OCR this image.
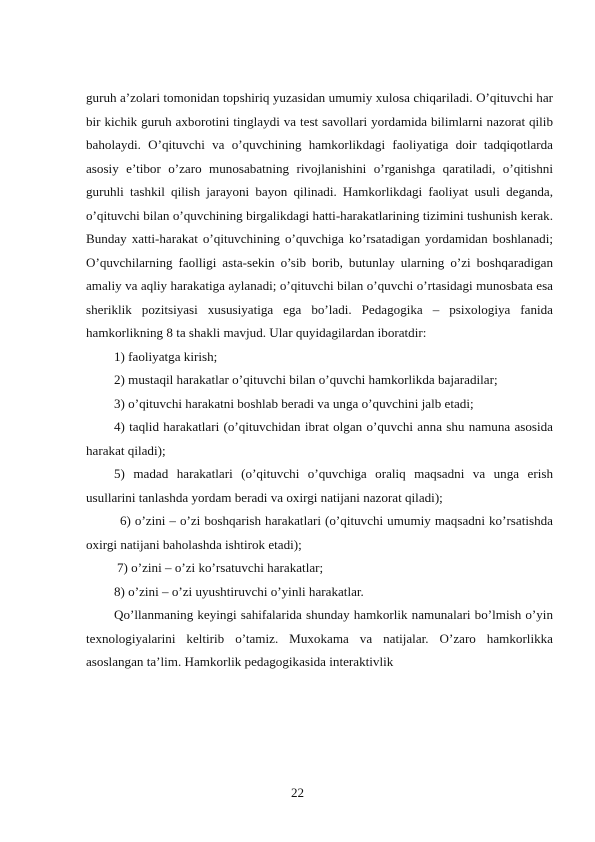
guruh a’zolari tomonidan topshiriq yuzasidan umumiy xulosa chiqariladi. O’qituvchi har bir kichik guruh axborotini tinglaydi va test savollari yordamida bilimlarni nazorat qilib baholaydi. O’qituvchi va o’quvchining hamkorlikdagi faoliyatiga doir tadqiqotlarda asosiy e’tibor o’zaro munosabatning rivojlanishini o’rganishga qaratiladi, o’qitishni guruhli tashkil qilish jarayoni bayon qilinadi. Hamkorlikdagi faoliyat usuli deganda, o’qituvchi bilan o’quvchining birgalikdagi hatti-harakatlarining tizimini tushunish kerak. Bunday xatti-harakat o’qituvchining o’quvchiga ko’rsatadigan yordamidan boshlanadi; O’quvchilarning faolligi asta-sekin o’sib borib, butunlay ularning o’zi boshqaradigan amaliy va aqliy harakatiga aylanadi; o’qituvchi bilan o’quvchi o’rtasidagi munosbata esa sheriklik pozitsiyasi xususiyatiga ega bo’ladi. Pedagogika – psixologiya fanida hamkorlikning 8 ta shakli mavjud. Ular quyidagilardan iboratdir:

1) faoliyatga kirish;

2) mustaqil harakatlar o’qituvchi bilan o’quvchi hamkorlikda bajaradilar;

3) o’qituvchi harakatni boshlab beradi va unga o’quvchini jalb etadi;

4) taqlid harakatlari (o’qituvchidan ibrat olgan o’quvchi anna shu namuna asosida harakat qiladi);

5) madad harakatlari (o’qituvchi o’quvchiga oraliq maqsadni va unga erish usullarini tanlashda yordam beradi va oxirgi natijani nazorat qiladi);

6) o’zini – o’zi boshqarish harakatlari (o’qituvchi umumiy maqsadni ko’rsatishda oxirgi natijani baholashda ishtirok etadi);

7) o’zini – o’zi ko’rsatuvchi harakatlar;

8) o’zini – o’zi uyushtiruvchi o’yinli harakatlar.

Qo’llanmaning keyingi sahifalarida shunday hamkorlik namunalari bo’lmish o’yin texnologiyalarini keltirib o’tamiz. Muxokama va natijalar. O’zaro hamkorlikka asoslangan ta’lim. Hamkorlik pedagogikasida interaktivlik

22
